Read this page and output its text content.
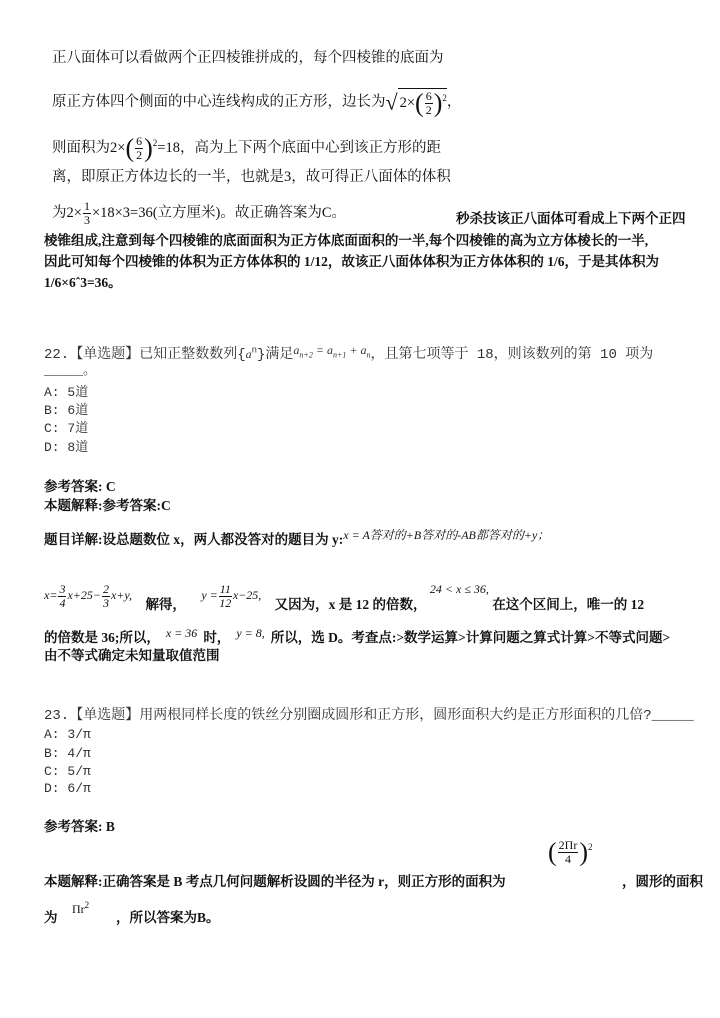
正八面体可以看做两个正四棱锥拼成的，每个四棱锥的底面为
原正方体四个侧面的中心连线构成的正方形，边长为√ $2\times( \frac{6}{2} )^2$，
则面积为$2\times( \frac{6}{2} )^2=18$，高为上下两个底面中心到该正方形的距
离，即原正方体边长的一半，也就是3，故可得正八面体的体积
为$2\times \frac{1}{3} \times 18\times 3=36$(立方厘米)。故正确答案为C。	秒杀技该正八面体可看成上下两个正四
棱锥组成,注意到每个四棱锥的底面面积为正方体底面面积的一半,每个四棱锥的高为立方体棱长的一半,
因此可知每个四棱锥的体积为正方体体积的 1/12，故该正八面体体积为正方体体积的 1/6，于是其体积为
1/6×6ˆ3=36。
22.【单选题】已知正整数数列$\{a^n\}$满足$a_{n+2} = a_{n+1} + a_n$，且第七项等于 18，则该数列的第 10 项为
_____。
A: 5道
B: 6道
C: 7道
D: 8道
参考答案: C
本题解释:参考答案:C
题目详解:设总题数位 x，两人都没答对的题目为 y:x = A答对的+B答对的-AB都答对的+y；
$x= \frac{3}{4} x+25- \frac{2}{3} x+y$, 解得， $y = \frac{11}{12} x-25$, 又因为，x 是 12 的倍数， 24 < x ≤ 36, 在这个区间上，唯一的 12
的倍数是 36;所以， x = 36 时， y = 8, 所以，选 D。考查点:>数学运算>计算问题之算式计算>不等式问题>
由不等式确定未知量取值范围
23.【单选题】用两根同样长度的铁丝分别圈成圆形和正方形，圆形面积大约是正方形面积的几倍?_____
A: 3/π
B: 4/π
C: 5/π
D: 6/π
参考答案: B
本题解释:正确答案是 B 考点几何问题解析设圆的半径为 r，则正方形的面积为
( $\frac{2\Pi r}{4} )^2$
，圆形的面积
为
$\Pi r^2$
，所以答案为B。
